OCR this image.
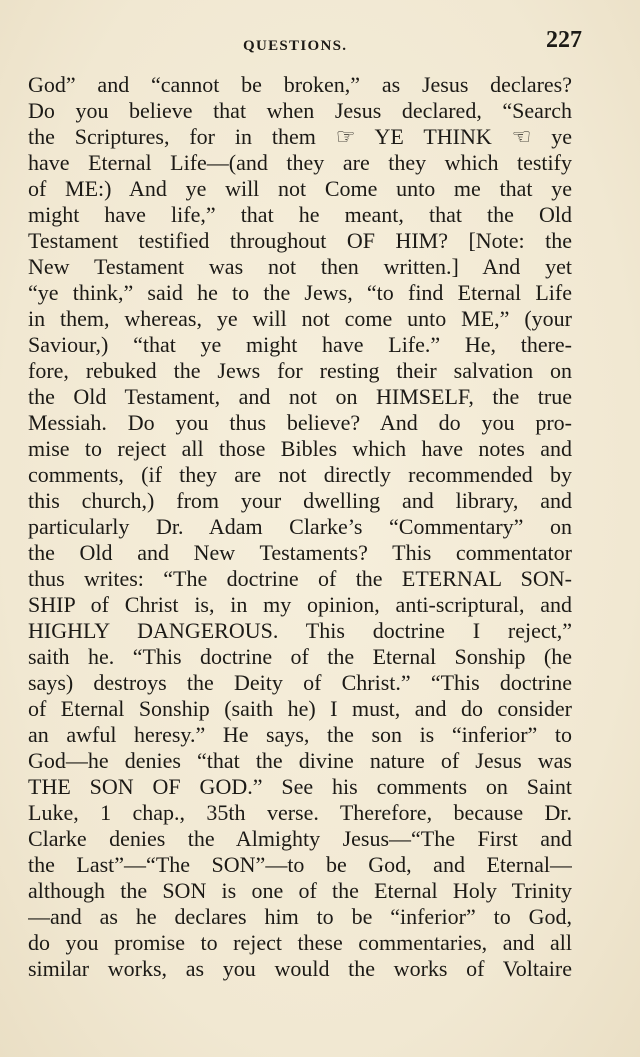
QUESTIONS.	227
God” and “cannot be broken,” as Jesus declares?
Do you believe that when Jesus declared, “Search
the Scriptures, for in them ☞ YE THINK ☜ ye
have Eternal Life—(and they are they which testify
of ME:) And ye will not Come unto me that ye
might have life,” that he meant, that the Old
Testament testified throughout OF HIM? [Note: the
New Testament was not then written.] And yet
“ye think,” said he to the Jews, “to find Eternal Life
in them, whereas, ye will not come unto ME,” (your
Saviour,) “that ye might have Life.” He, there-
fore, rebuked the Jews for resting their salvation on
the Old Testament, and not on HIMSELF, the true
Messiah. Do you thus believe? And do you pro-
mise to reject all those Bibles which have notes and
comments, (if they are not directly recommended by
this church,) from your dwelling and library, and
particularly Dr. Adam Clarke’s “Commentary” on
the Old and New Testaments? This commentator
thus writes: “The doctrine of the ETERNAL SON-
SHIP of Christ is, in my opinion, anti-scriptural, and
HIGHLY DANGEROUS. This doctrine I reject,”
saith he. “This doctrine of the Eternal Sonship (he
says) destroys the Deity of Christ.” “This doctrine
of Eternal Sonship (saith he) I must, and do consider
an awful heresy.” He says, the son is “inferior” to
God—he denies “that the divine nature of Jesus was
THE SON OF GOD.” See his comments on Saint
Luke, 1 chap., 35th verse. Therefore, because Dr.
Clarke denies the Almighty Jesus—“The First and
the Last”—“The SON”—to be God, and Eternal—
although the SON is one of the Eternal Holy Trinity
—and as he declares him to be “inferior” to God,
do you promise to reject these commentaries, and all
similar works, as you would the works of Voltaire
